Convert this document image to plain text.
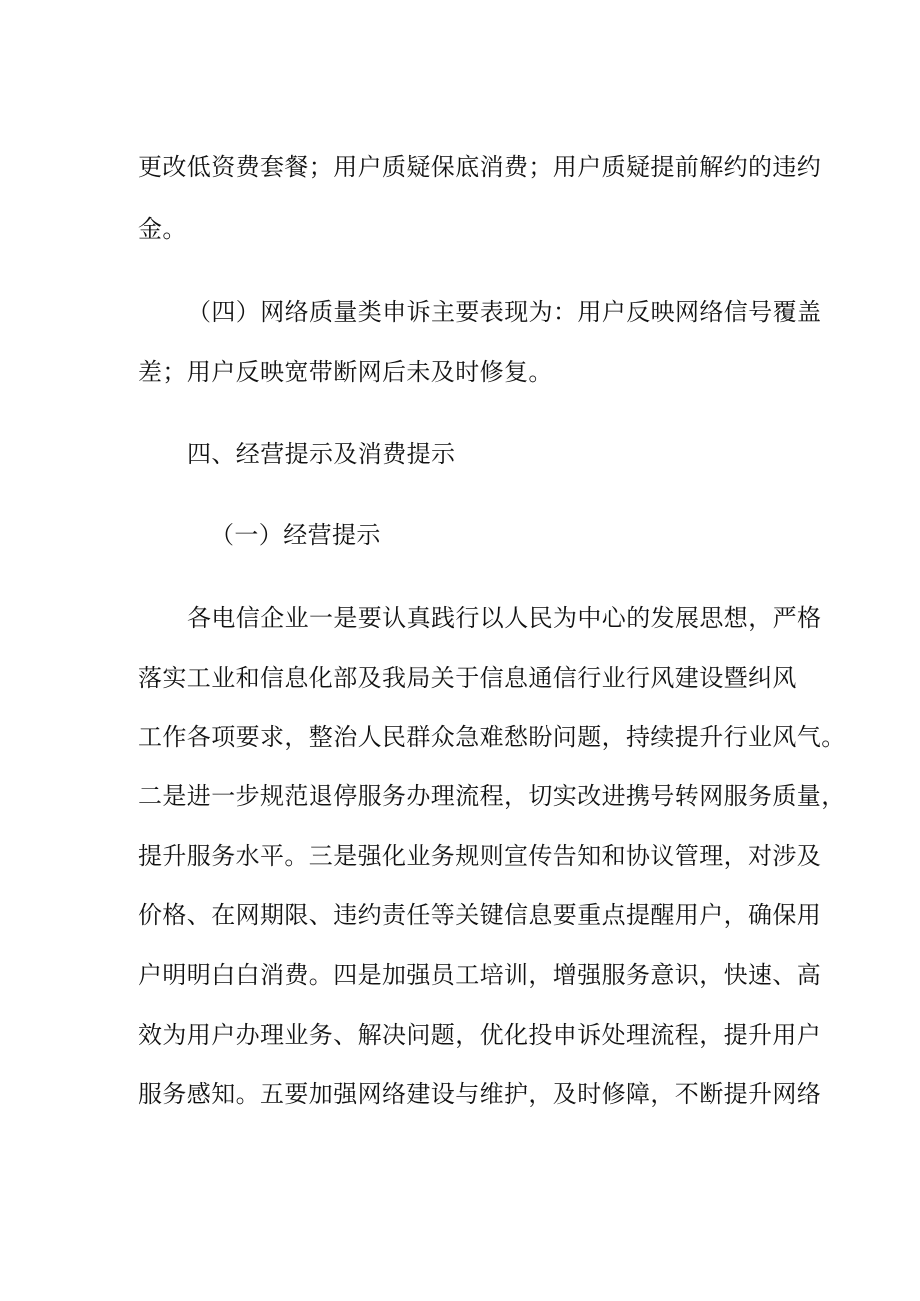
更改低资费套餐；用户质疑保底消费；用户质疑提前解约的违约
金。
（四）网络质量类申诉主要表现为：用户反映网络信号覆盖
差；用户反映宽带断网后未及时修复。
四、经营提示及消费提示
（一）经营提示
各电信企业一是要认真践行以人民为中心的发展思想，严格
落实工业和信息化部及我局关于信息通信行业行风建设暨纠风
工作各项要求，整治人民群众急难愁盼问题，持续提升行业风气。
二是进一步规范退停服务办理流程，切实改进携号转网服务质量，
提升服务水平。三是强化业务规则宣传告知和协议管理，对涉及
价格、在网期限、违约责任等关键信息要重点提醒用户，确保用
户明明白白消费。四是加强员工培训，增强服务意识，快速、高
效为用户办理业务、解决问题，优化投申诉处理流程，提升用户
服务感知。五要加强网络建设与维护，及时修障，不断提升网络
